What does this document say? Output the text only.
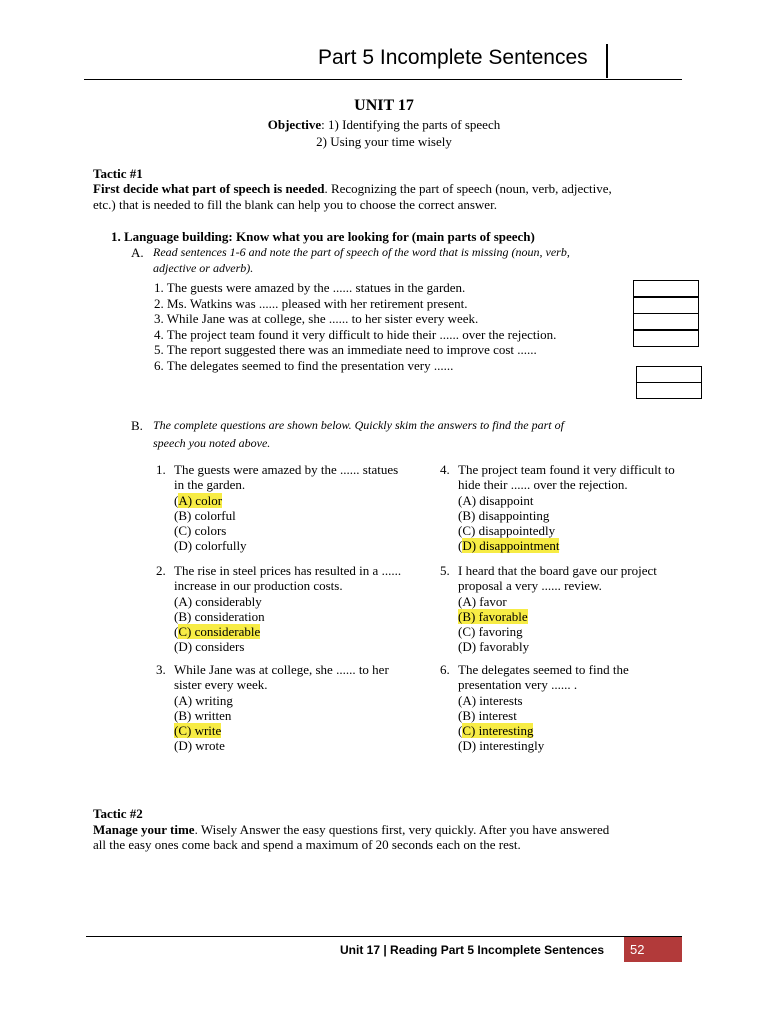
Part 5 Incomplete Sentences
UNIT 17
Objective: 1) Identifying the parts of speech
2) Using your time wisely
Tactic #1
First decide what part of speech is needed. Recognizing the part of speech (noun, verb, adjective,
etc.) that is needed to fill the blank can help you to choose the correct answer.
1. Language building: Know what you are looking for (main parts of speech)
A. Read sentences 1-6 and note the part of speech of the word that is missing (noun, verb,
adjective or adverb).
1. The guests were amazed by the ...... statues in the garden.
2. Ms. Watkins was ...... pleased with her retirement present.
3. While Jane was at college, she ...... to her sister every week.
4. The project team found it very difficult to hide their ...... over the rejection.
5. The report suggested there was an immediate need to improve cost ......
6. The delegates seemed to find the presentation very ......
B. The complete questions are shown below. Quickly skim the answers to find the part of
speech you noted above.
1. The guests were amazed by the ...... statues
in the garden.
(A) color
(B) colorful
(C) colors
(D) colorfully
2. The rise in steel prices has resulted in a ......
increase in our production costs.
(A) considerably
(B) consideration
(C) considerable
(D) considers
3. While Jane was at college, she ...... to her
sister every week.
(A) writing
(B) written
(C) write
(D) wrote
4. The project team found it very difficult to
hide their ...... over the rejection.
(A) disappoint
(B) disappointing
(C) disappointedly
(D) disappointment
5. I heard that the board gave our project
proposal a very ...... review.
(A) favor
(B) favorable
(C) favoring
(D) favorably
6. The delegates seemed to find the
presentation very ...... .
(A) interests
(B) interest
(C) interesting
(D) interestingly
Tactic #2
Manage your time. Wisely Answer the easy questions first, very quickly. After you have answered
all the easy ones come back and spend a maximum of 20 seconds each on the rest.
Unit 17 | Reading Part 5 Incomplete Sentences	52
